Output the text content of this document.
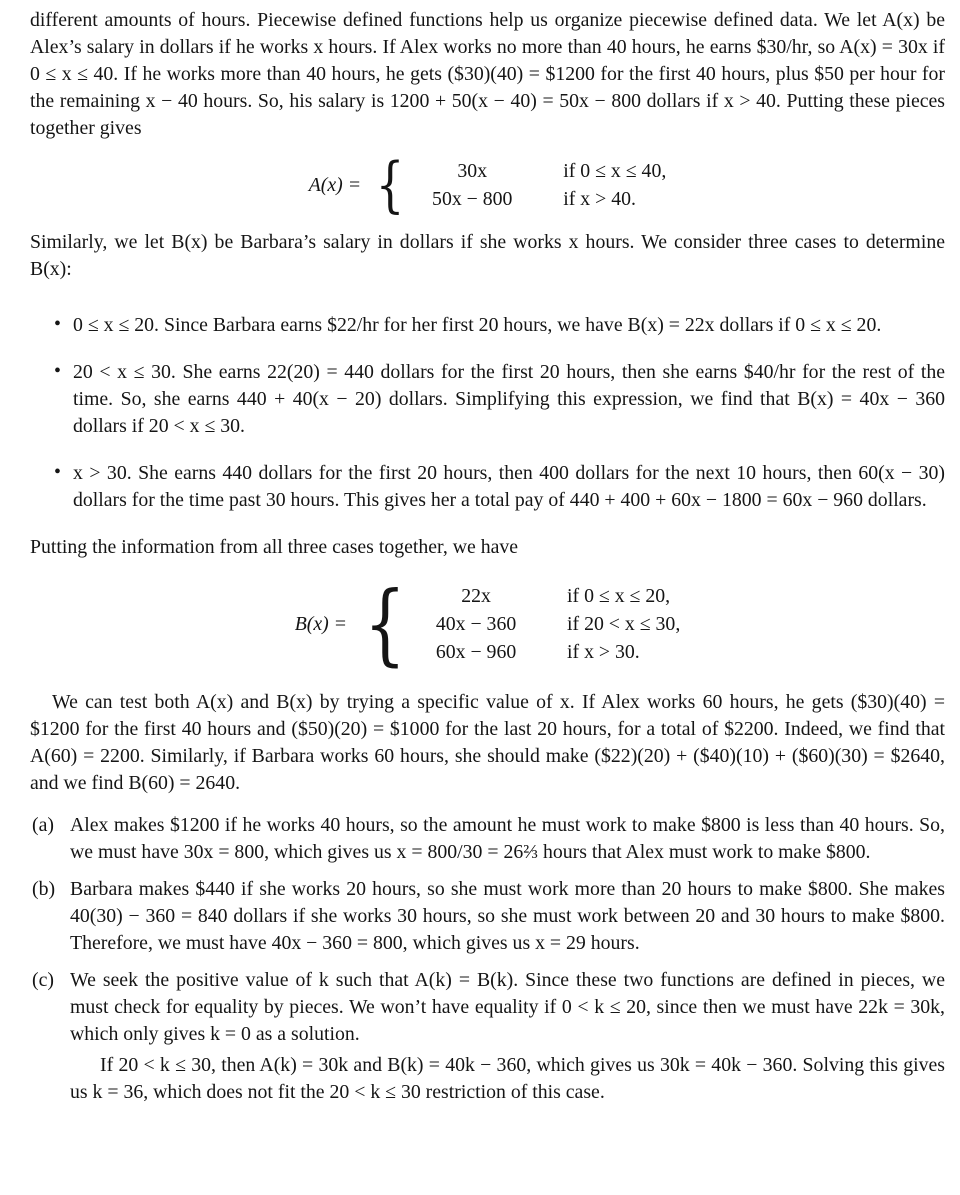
different amounts of hours. Piecewise defined functions help us organize piecewise defined data. We let A(x) be Alex’s salary in dollars if he works x hours. If Alex works no more than 40 hours, he earns $30/hr, so A(x) = 30x if 0 ≤ x ≤ 40. If he works more than 40 hours, he gets ($30)(40) = $1200 for the first 40 hours, plus $50 per hour for the remaining x − 40 hours. So, his salary is 1200 + 50(x − 40) = 50x − 800 dollars if x > 40. Putting these pieces together gives

A(x) = {	30x	if 0 ≤ x ≤ 40,
50x − 800	if x > 40.

Similarly, we let B(x) be Barbara’s salary in dollars if she works x hours. We consider three cases to determine B(x):

• 0 ≤ x ≤ 20. Since Barbara earns $22/hr for her first 20 hours, we have B(x) = 22x dollars if 0 ≤ x ≤ 20.
• 20 < x ≤ 30. She earns 22(20) = 440 dollars for the first 20 hours, then she earns $40/hr for the rest of the time. So, she earns 440 + 40(x − 20) dollars. Simplifying this expression, we find that B(x) = 40x − 360 dollars if 20 < x ≤ 30.
• x > 30. She earns 440 dollars for the first 20 hours, then 400 dollars for the next 10 hours, then 60(x − 30) dollars for the time past 30 hours. This gives her a total pay of 440 + 400 + 60x − 1800 = 60x − 960 dollars.

Putting the information from all three cases together, we have

B(x) = {	22x	if 0 ≤ x ≤ 20,
40x − 360	if 20 < x ≤ 30,
60x − 960	if x > 30.

We can test both A(x) and B(x) by trying a specific value of x. If Alex works 60 hours, he gets ($30)(40) = $1200 for the first 40 hours and ($50)(20) = $1000 for the last 20 hours, for a total of $2200. Indeed, we find that A(60) = 2200. Similarly, if Barbara works 60 hours, she should make ($22)(20) + ($40)(10) + ($60)(30) = $2640, and we find B(60) = 2640.

(a) Alex makes $1200 if he works 40 hours, so the amount he must work to make $800 is less than 40 hours. So, we must have 30x = 800, which gives us x = 800/30 = 26⅔ hours that Alex must work to make $800.
(b) Barbara makes $440 if she works 20 hours, so she must work more than 20 hours to make $800. She makes 40(30) − 360 = 840 dollars if she works 30 hours, so she must work between 20 and 30 hours to make $800. Therefore, we must have 40x − 360 = 800, which gives us x = 29 hours.
(c) We seek the positive value of k such that A(k) = B(k). Since these two functions are defined in pieces, we must check for equality by pieces. We won’t have equality if 0 < k ≤ 20, since then we must have 22k = 30k, which only gives k = 0 as a solution.

If 20 < k ≤ 30, then A(k) = 30k and B(k) = 40k − 360, which gives us 30k = 40k − 360. Solving this gives us k = 36, which does not fit the 20 < k ≤ 30 restriction of this case.
